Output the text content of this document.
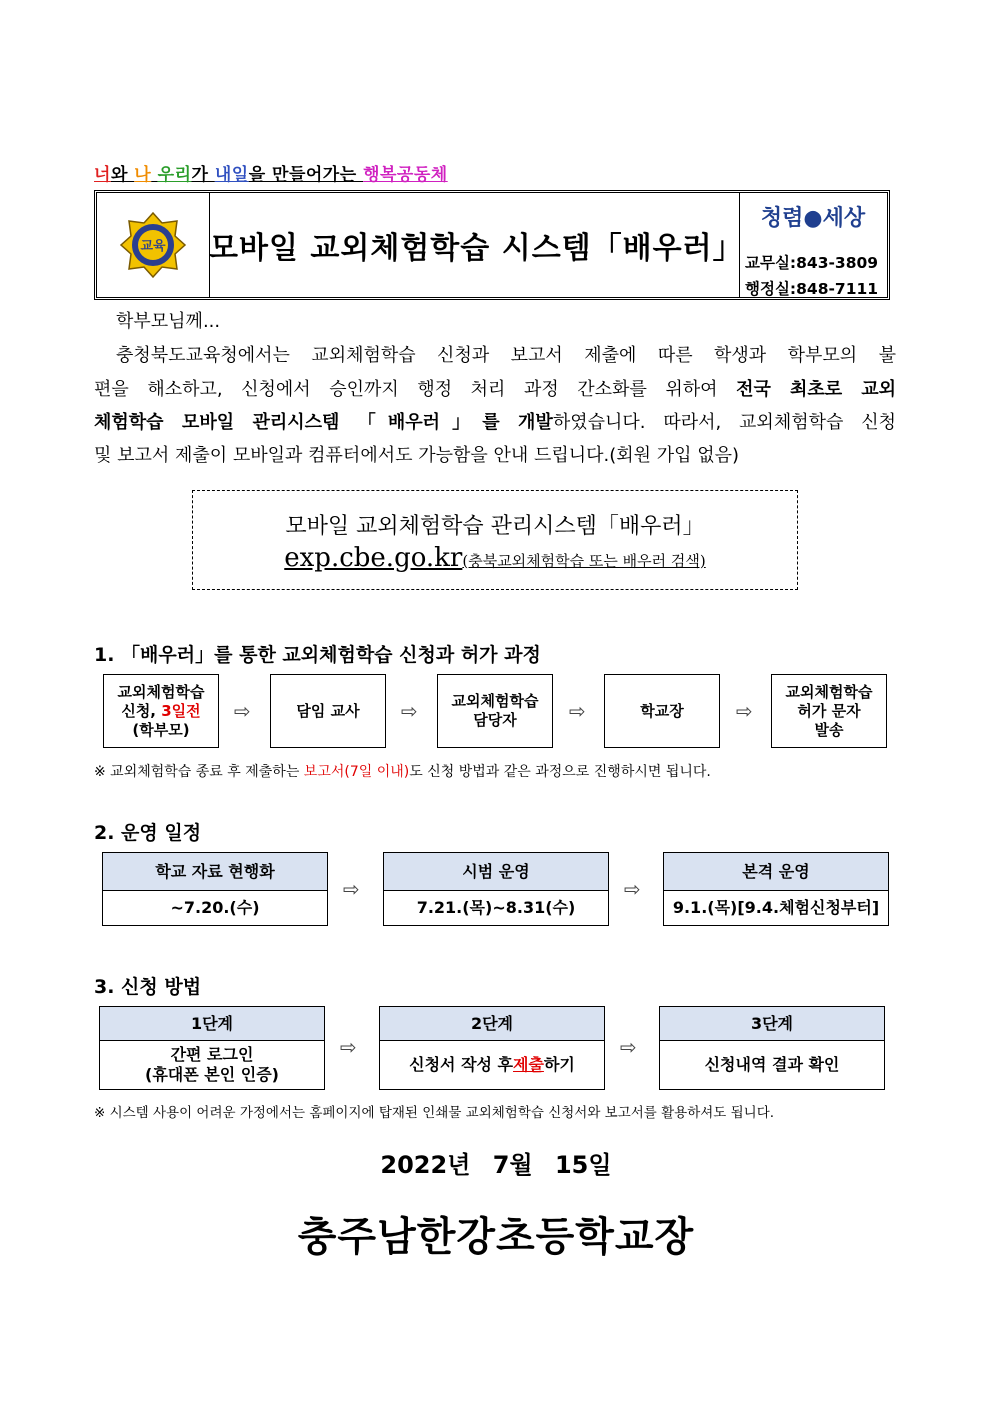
너와 나 우리가 내일을 만들어가는 행복공동체
교육 모바일 교외체험학습 시스템「배우러」
청렴●세상
교무실:843-3809
행정실:848-7111
학부모님께...
충청북도교육청에서는 교외체험학습 신청과 보고서 제출에 따른 학생과 학부모의 불
편을 해소하고, 신청에서 승인까지 행정 처리 과정 간소화를 위하여 전국 최초로 교외
체험학습 모바일 관리시스템 「배우러」를 개발하였습니다. 따라서, 교외체험학습 신청
및 보고서 제출이 모바일과 컴퓨터에서도 가능함을 안내 드립니다.(회원 가입 없음)
모바일 교외체험학습 관리시스템「배우러」
exp.cbe.go.kr(충북교외체험학습 또는 배우러 검색)
1. 「배우러」를 통한 교외체험학습 신청과 허가 과정
교외체험학습
신청, 3일전
(학부모)
⇨	담임 교사	⇨ 교외체험학습
담당자	⇨	학교장	⇨
교외체험학습
허가 문자
발송
※ 교외체험학습 종료 후 제출하는 보고서(7일 이내)도 신청 방법과 같은 과정으로 진행하시면 됩니다.
2. 운영 일정
학교 자료 현행화
~7.20.(수)
⇨
시범 운영
7.21.(목)~8.31(수)
⇨
본격 운영
9.1.(목)[9.4.체험신청부터]
3. 신청 방법
1단계
간편 로그인
(휴대폰 본인 인증)
⇨
2단계
신청서 작성 후 제출 하기
⇨
3단계
신청내역 결과 확인
※ 시스템 사용이 어려운 가정에서는 홈페이지에 탑재된 인쇄물 교외체험학습 신청서와 보고서를 활용하셔도 됩니다.
2022년 7월 15일
충주남한강초등학교장
